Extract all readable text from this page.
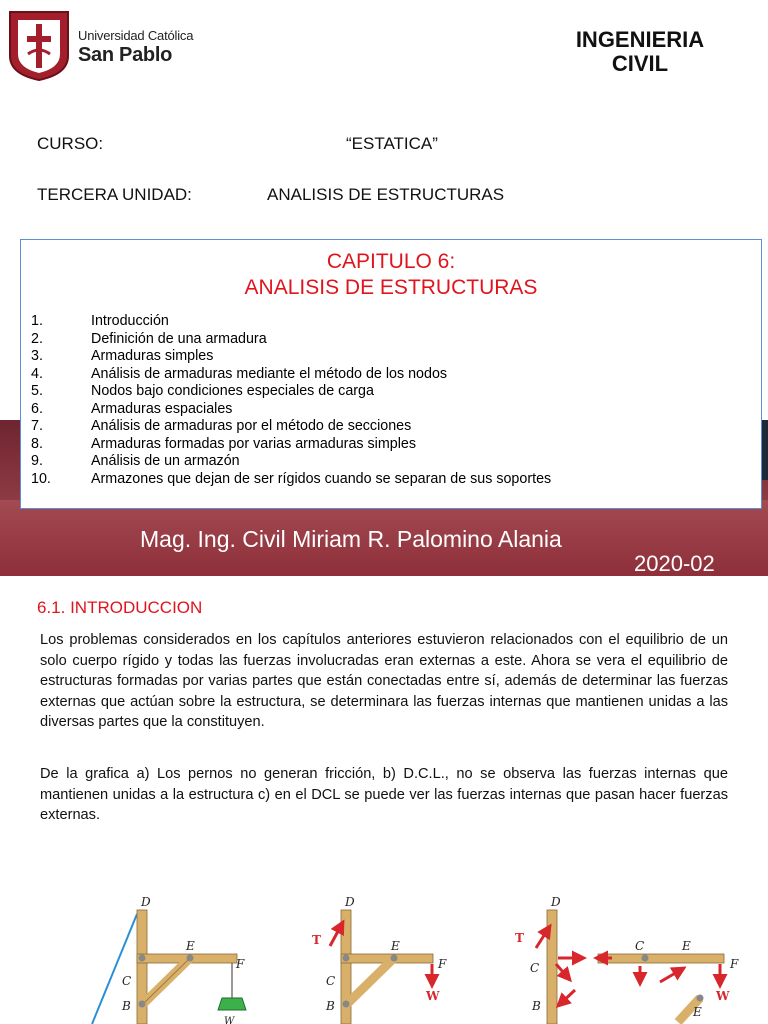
Universidad Católica
San Pablo
INGENIERIA
CIVIL
CURSO:	“ESTATICA”
TERCERA UNIDAD:	ANALISIS DE ESTRUCTURAS
CAPITULO 6:
ANALISIS DE ESTRUCTURAS
1.	Introducción
2.	Definición de una armadura
3.	Armaduras simples
4.	Análisis de armaduras mediante el método de los nodos
5.	Nodos bajo condiciones especiales de carga
6.	Armaduras espaciales
7.	Análisis de armaduras por el método de secciones
8.	Armaduras formadas por varias armaduras simples
9.	Análisis de un armazón
10.	Armazones que dejan de ser rígidos cuando se separan de sus soportes
Mag. Ing. Civil Miriam R. Palomino Alania
2020-02
6.1. INTRODUCCION

Los problemas considerados en los capítulos anteriores estuvieron relacionados con el equilibrio de un solo cuerpo rígido y todas las fuerzas involucradas eran externas a este. Ahora se vera el equilibrio de estructuras formadas por varias partes que están conectadas entre sí, además de determinar las fuerzas externas que actúan sobre la estructura, se determinara las fuerzas internas que mantienen unidas a las diversas partes que la constituyen.

De la grafica a) Los pernos no generan fricción, b) D.C.L., no se observa las fuerzas internas que mantienen unidas a la estructura c) en el DCL se puede ver las fuerzas internas que pasan hacer fuerzas externas.

D
E
F
C
B
W
D
E
F
C
B
T
W
D
T
C
B
C	E
F
W
E
